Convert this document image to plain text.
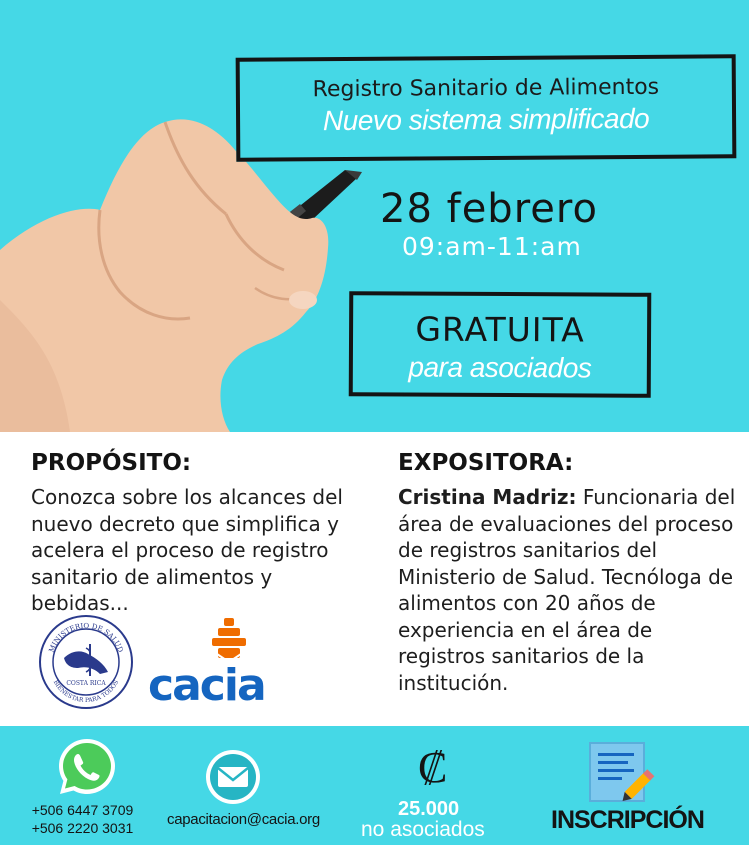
Registro Sanitario de Alimentos
Nuevo sistema simplificado
28 febrero
09:am-11:am
GRATUITA
para asociados
PROPÓSITO:
Conozca sobre los alcances del nuevo decreto que simplifica y acelera el proceso de registro sanitario de alimentos y bebidas...
EXPOSITORA:
Cristina Madriz: Funcionaria del área de evaluaciones del proceso de registros sanitarios del Ministerio de Salud. Tecnóloga de alimentos con 20 años de experiencia en el área de registros sanitarios de la institución.
MINISTERIO DE SALUD
BIENESTAR PARA TODOS
COSTA RICA cacia
+506 6447 3709
+506 2220 3031	capacitacion@cacia.org
₡
25.000
no asociados	INSCRIPCIÓN
